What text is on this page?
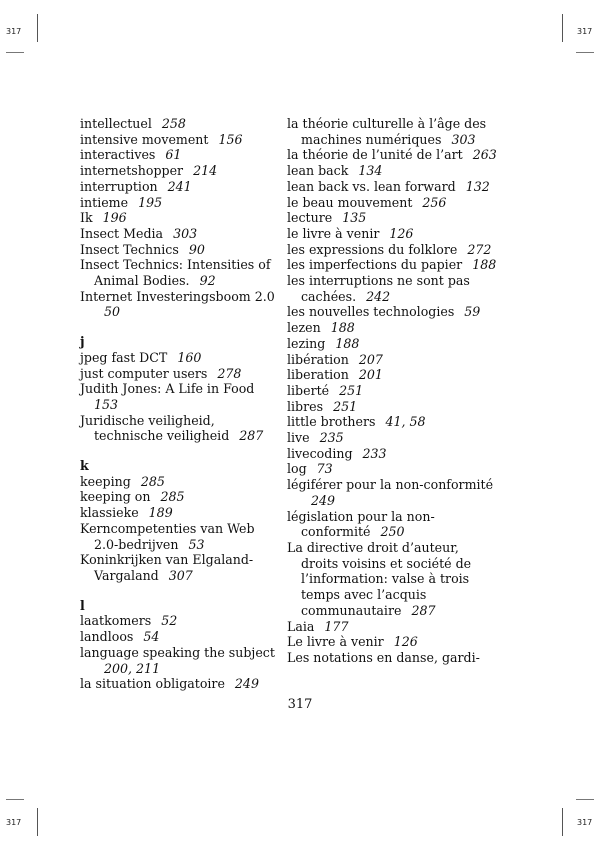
317	317
317	317
intellectuel 258
intensive movement 156
interactives 61
internetshopper 214
interruption 241
intieme 195
Ik 196
Insect Media 303
Insect Technics 90
Insect Technics: Intensities of Animal Bodies. 92
Internet Investeringsboom 2.050
j
jpeg fast DCT 160
just computer users 278
Judith Jones: A Life in Food153
Juridische veiligheid, technische veiligheid 287
k
keeping 285
keeping on 285
klassieke 189
Kerncompetenties van Web 2.0-bedrijven 53
Koninkrijken van Elgaland-Vargaland 307
l
laatkomers 52
landloos 54
language speaking the subject200, 211
la situation obligatoire 249
la théorie culturelle à l’âge des machines numériques 303
la théorie de l’unité de l’art 263
lean back 134
lean back vs. lean forward 132
le beau mouvement 256
lecture 135
le livre à venir 126
les expressions du folklore 272
les imperfections du papier 188
les interruptions ne sont pas cachées. 242
les nouvelles technologies 59
lezen 188
lezing 188
libération 207
liberation 201
liberté 251
libres 251
little brothers 41, 58
live 235
livecoding 233
log 73
légiférer pour la non-conformité249
législation pour la non-conformité 250
La directive droit d’auteur, droits voisins et société de l’information: valse à trois temps avec l’acquis communautaire 287
Laia 177
Le livre à venir 126
Les notations en danse, gardi-
317
